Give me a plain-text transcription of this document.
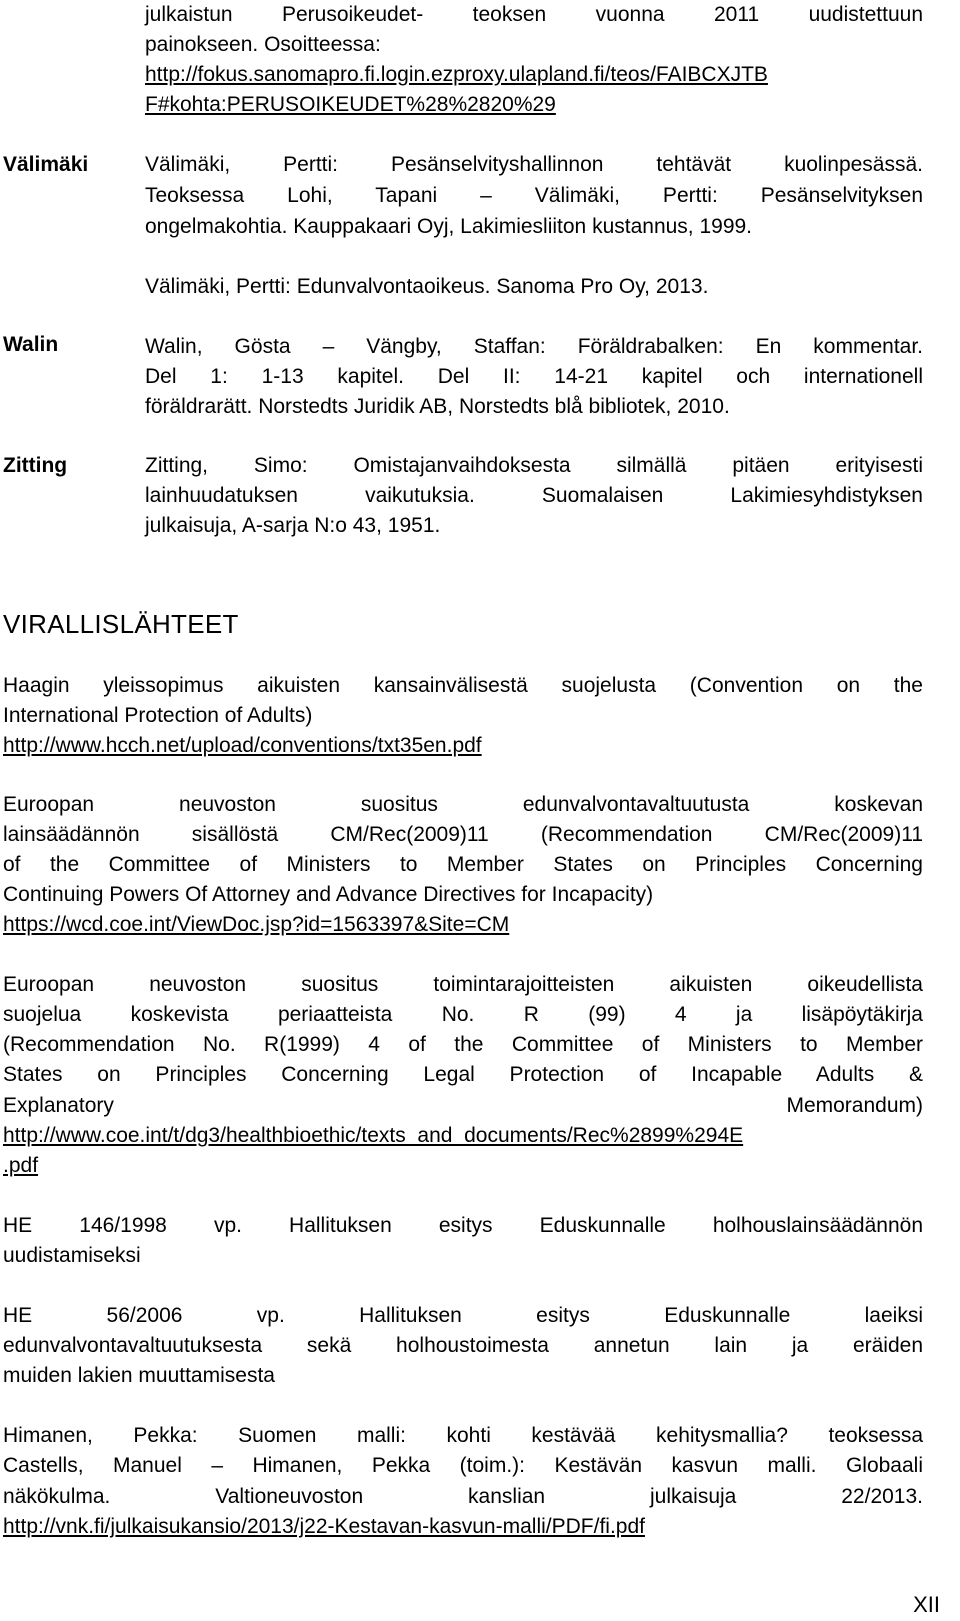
julkaistun Perusoikeudet- teoksen vuonna 2011 uudistettuun
painokseen. Osoitteessa:
http://fokus.sanomapro.fi.login.ezproxy.ulapland.fi/teos/FAIBCXJTB
F#kohta:PERUSOIKEUDET%28%2820%29
Välimäki	Välimäki, Pertti: Pesänselvityshallinnon tehtävät kuolinpesässä.
Teoksessa Lohi, Tapani – Välimäki, Pertti: Pesänselvityksen
ongelmakohtia. Kauppakaari Oyj, Lakimiesliiton kustannus, 1999.
Välimäki, Pertti: Edunvalvontaoikeus. Sanoma Pro Oy, 2013.
Walin	Walin, Gösta – Vängby, Staffan: Föräldrabalken: En kommentar.
Del 1: 1-13 kapitel. Del II: 14-21 kapitel och internationell
föräldrarätt. Norstedts Juridik AB, Norstedts blå bibliotek, 2010.
Zitting	Zitting, Simo: Omistajanvaihdoksesta silmällä pitäen erityisesti
lainhuudatuksen vaikutuksia. Suomalaisen Lakimiesyhdistyksen
julkaisuja, A-sarja N:o 43, 1951.
VIRALLISLÄHTEET
Haagin yleissopimus aikuisten kansainvälisestä suojelusta (Convention on the
International Protection of Adults)
http://www.hcch.net/upload/conventions/txt35en.pdf
Euroopan neuvoston suositus edunvalvontavaltuutusta koskevan
lainsäädännön sisällöstä CM/Rec(2009)11 (Recommendation CM/Rec(2009)11
of the Committee of Ministers to Member States on Principles Concerning
Continuing Powers Of Attorney and Advance Directives for Incapacity)
https://wcd.coe.int/ViewDoc.jsp?id=1563397&Site=CM
Euroopan neuvoston suositus toimintarajoitteisten aikuisten oikeudellista
suojelua koskevista periaatteista No. R (99) 4 ja lisäpöytäkirja
(Recommendation No. R(1999) 4 of the Committee of Ministers to Member
States on Principles Concerning Legal Protection of Incapable Adults &
Explanatory Memorandum)
http://www.coe.int/t/dg3/healthbioethic/texts_and_documents/Rec%2899%294E
.pdf
HE 146/1998 vp. Hallituksen esitys Eduskunnalle holhouslainsäädännön
uudistamiseksi
HE 56/2006 vp. Hallituksen esitys Eduskunnalle laeiksi
edunvalvontavaltuutuksesta sekä holhoustoimesta annetun lain ja eräiden
muiden lakien muuttamisesta
Himanen, Pekka: Suomen malli: kohti kestävää kehitysmallia? teoksessa
Castells, Manuel – Himanen, Pekka (toim.): Kestävän kasvun malli. Globaali
näkökulma. Valtioneuvoston kanslian julkaisuja 22/2013.
http://vnk.fi/julkaisukansio/2013/j22-Kestavan-kasvun-malli/PDF/fi.pdf
XII
